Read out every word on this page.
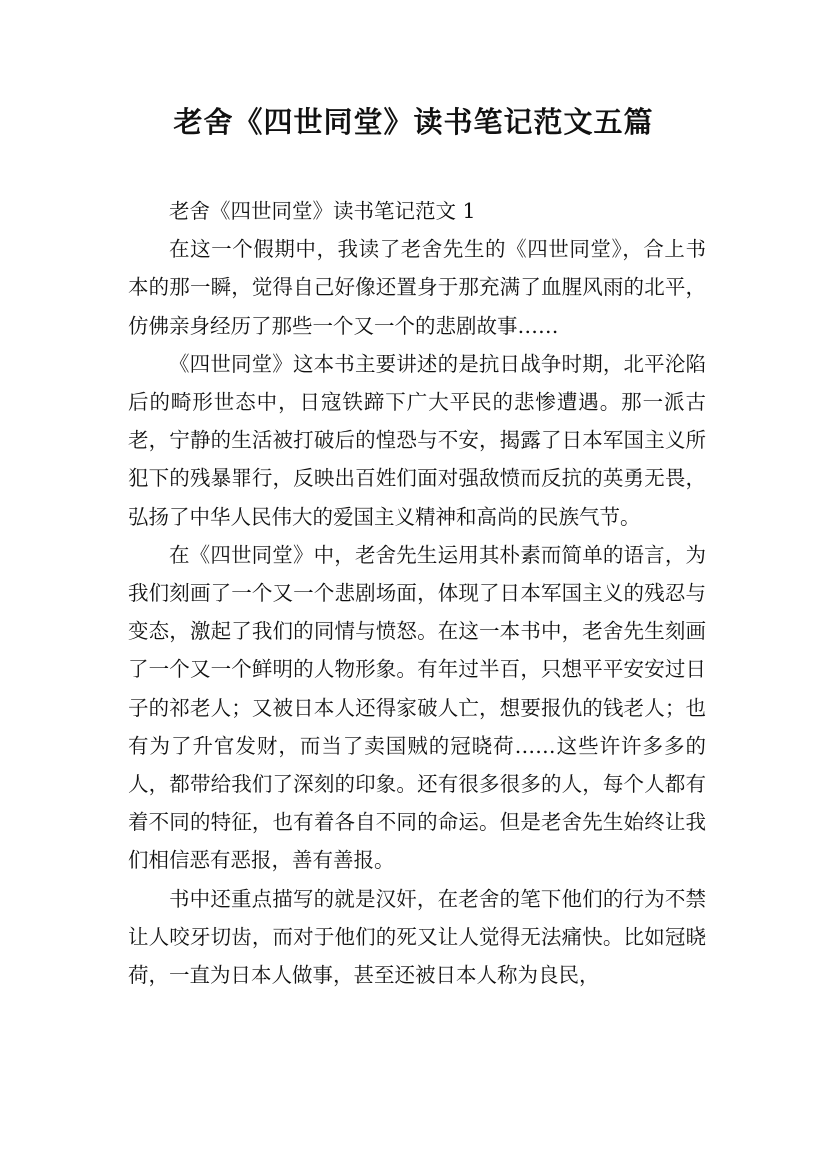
老舍《四世同堂》读书笔记范文五篇

老舍《四世同堂》读书笔记范文 1

在这一个假期中，我读了老舍先生的《四世同堂》，合上书本的那一瞬，觉得自己好像还置身于那充满了血腥风雨的北平，仿佛亲身经历了那些一个又一个的悲剧故事……

《四世同堂》这本书主要讲述的是抗日战争时期，北平沦陷后的畸形世态中，日寇铁蹄下广大平民的悲惨遭遇。那一派古老，宁静的生活被打破后的惶恐与不安，揭露了日本军国主义所犯下的残暴罪行，反映出百姓们面对强敌愤而反抗的英勇无畏，弘扬了中华人民伟大的爱国主义精神和高尚的民族气节。

在《四世同堂》中，老舍先生运用其朴素而简单的语言，为我们刻画了一个又一个悲剧场面，体现了日本军国主义的残忍与变态，激起了我们的同情与愤怒。在这一本书中，老舍先生刻画了一个又一个鲜明的人物形象。有年过半百，只想平平安安过日子的祁老人；又被日本人还得家破人亡，想要报仇的钱老人；也有为了升官发财，而当了卖国贼的冠晓荷……这些许许多多的人，都带给我们了深刻的印象。还有很多很多的人，每个人都有着不同的特征，也有着各自不同的命运。但是老舍先生始终让我们相信恶有恶报，善有善报。

书中还重点描写的就是汉奸，在老舍的笔下他们的行为不禁让人咬牙切齿，而对于他们的死又让人觉得无法痛快。比如冠晓荷，一直为日本人做事，甚至还被日本人称为良民，
